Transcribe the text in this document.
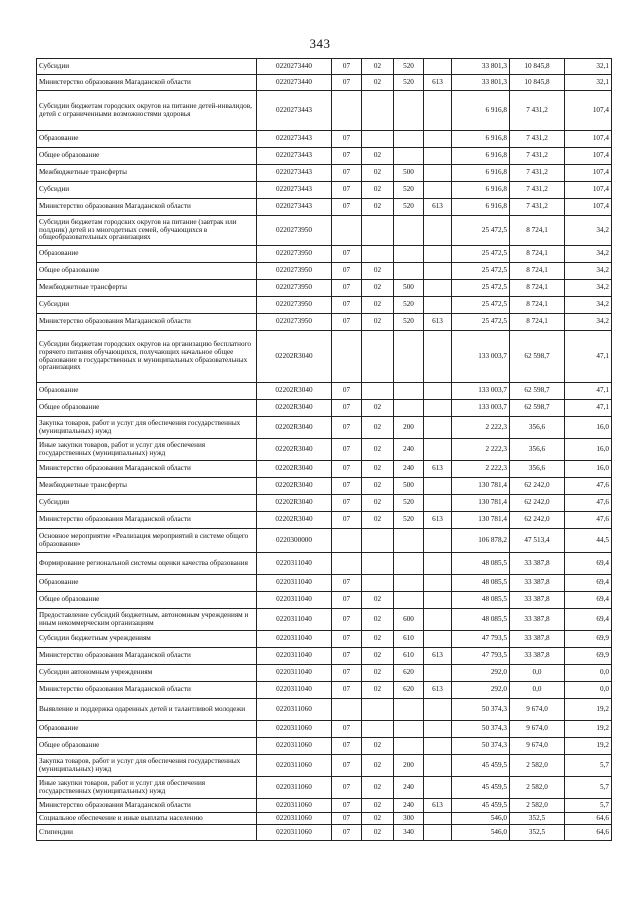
343
Субсидии	0220273440	07	02	520		33 801,3	10 845,8	32,1
Министерство образования Магаданской области	0220273440	07	02	520	613	33 801,3	10 845,8	32,1
Субсидии бюджетам городских округов на питание детей-инвалидов, детей с ограниченными возможностями здоровья	0220273443					6 916,8	7 431,2	107,4
Образование	0220273443	07				6 916,8	7 431,2	107,4
Общее образование	0220273443	07	02			6 916,8	7 431,2	107,4
Межбюджетные трансферты	0220273443	07	02	500		6 916,8	7 431,2	107,4
Субсидии	0220273443	07	02	520		6 916,8	7 431,2	107,4
Министерство образования Магаданской области	0220273443	07	02	520	613	6 916,8	7 431,2	107,4
Субсидии бюджетам городских округов на питание (завтрак или полдник) детей из многодетных семей, обучающихся в общеобразовательных организациях	0220273950					25 472,5	8 724,1	34,2
Образование	0220273950	07				25 472,5	8 724,1	34,2
Общее образование	0220273950	07	02			25 472,5	8 724,1	34,2
Межбюджетные трансферты	0220273950	07	02	500		25 472,5	8 724,1	34,2
Субсидии	0220273950	07	02	520		25 472,5	8 724,1	34,2
Министерство образования Магаданской области	0220273950	07	02	520	613	25 472,5	8 724,1	34,2
Субсидии бюджетам городских округов на организацию бесплатного горячего питания обучающихся, получающих начальное общее образование в государственных и муниципальных образовательных организациях	02202R3040					133 003,7	62 598,7	47,1
Образование	02202R3040	07				133 003,7	62 598,7	47,1
Общее образование	02202R3040	07	02			133 003,7	62 598,7	47,1
Закупка товаров, работ и услуг для обеспечения государственных (муниципальных) нужд	02202R3040	07	02	200		2 222,3	356,6	16,0
Иные закупки товаров, работ и услуг для обеспечения государственных (муниципальных) нужд	02202R3040	07	02	240		2 222,3	356,6	16,0
Министерство образования Магаданской области	02202R3040	07	02	240	613	2 222,3	356,6	16,0
Межбюджетные трансферты	02202R3040	07	02	500		130 781,4	62 242,0	47,6
Субсидии	02202R3040	07	02	520		130 781,4	62 242,0	47,6
Министерство образования Магаданской области	02202R3040	07	02	520	613	130 781,4	62 242,0	47,6
Основное мероприятие «Реализация мероприятий в системе общего образования»	0220300000					106 878,2	47 513,4	44,5
Формирование региональной системы оценки качества образования	0220311040					48 085,5	33 387,8	69,4
Образование	0220311040	07				48 085,5	33 387,8	69,4
Общее образование	0220311040	07	02			48 085,5	33 387,8	69,4
Предоставление субсидий бюджетным, автономным учреждениям и иным некоммерческим организациям	0220311040	07	02	600		48 085,5	33 387,8	69,4
Субсидии бюджетным учреждениям	0220311040	07	02	610		47 793,5	33 387,8	69,9
Министерство образования Магаданской области	0220311040	07	02	610	613	47 793,5	33 387,8	69,9
Субсидии автономным учреждениям	0220311040	07	02	620		292,0	0,0	0,0
Министерство образования Магаданской области	0220311040	07	02	620	613	292,0	0,0	0,0
Выявление и поддержка одаренных детей и талантливой молодежи	0220311060					50 374,3	9 674,0	19,2
Образование	0220311060	07				50 374,3	9 674,0	19,2
Общее образование	0220311060	07	02			50 374,3	9 674,0	19,2
Закупка товаров, работ и услуг для обеспечения государственных (муниципальных) нужд	0220311060	07	02	200		45 459,5	2 582,0	5,7
Иные закупки товаров, работ и услуг для обеспечения государственных (муниципальных) нужд	0220311060	07	02	240		45 459,5	2 582,0	5,7
Министерство образования Магаданской области	0220311060	07	02	240	613	45 459,5	2 582,0	5,7
Социальное обеспечение и иные выплаты населению	0220311060	07	02	300		546,0	352,5	64,6
Стипендии	0220311060	07	02	340		546,0	352,5	64,6
